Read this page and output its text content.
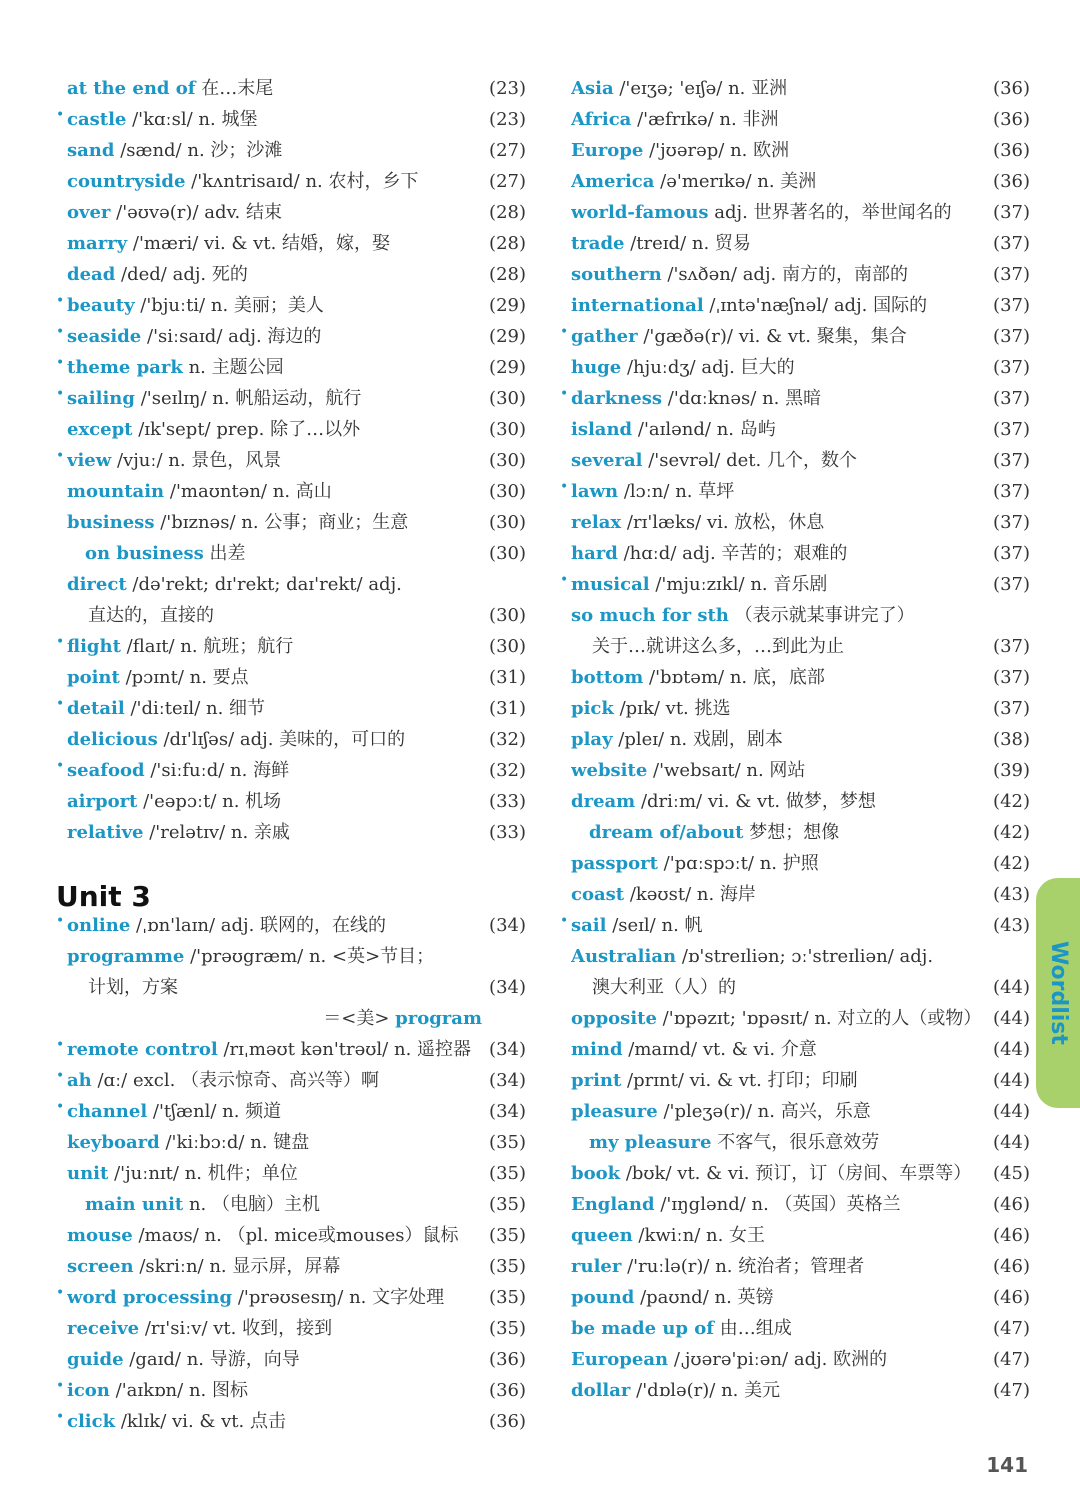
at the end of 在…末尾	(23)
• castle /'kɑːsl/ n. 城堡	(23)
sand /sænd/ n. 沙；沙滩	(27)
countryside /'kʌntrisaɪd/ n. 农村，乡下	(27)
over /'əʊvə(r)/ adv. 结束	(28)
marry /'mæri/ vi. & vt. 结婚，嫁，娶	(28)
dead /ded/ adj. 死的	(28)
• beauty /'bjuːti/ n. 美丽；美人	(29)
• seaside /'siːsaɪd/ adj. 海边的	(29)
• theme park n. 主题公园	(29)
• sailing /'seɪlɪŋ/ n. 帆船运动，航行	(30)
except /ɪk'sept/ prep. 除了…以外	(30)
• view /vjuː/ n. 景色，风景	(30)
mountain /'maʊntən/ n. 高山	(30)
business /'bɪznəs/ n. 公事；商业；生意	(30)
on business 出差	(30)
direct /də'rekt; dɪ'rekt; daɪ'rekt/ adj.
直达的，直接的	(30)
• flight /flaɪt/ n. 航班；航行	(30)
point /pɔɪnt/ n. 要点	(31)
• detail /'diːteɪl/ n. 细节	(31)
delicious /dɪ'lɪʃəs/ adj. 美味的，可口的	(32)
• seafood /'siːfuːd/ n. 海鲜	(32)
airport /'eəpɔːt/ n. 机场	(33)
relative /'relətɪv/ n. 亲戚	(33)
Unit 3
• online /ˌɒn'laɪn/ adj. 联网的，在线的	(34)
programme /'prəʊgræm/ n. <英>节目；
计划，方案	(34)
＝<美> program
• remote control /rɪˌməʊt kən'trəʊl/ n. 遥控器	(34)
• ah /ɑː/ excl. （表示惊奇、高兴等）啊	(34)
• channel /'tʃænl/ n. 频道	(34)
keyboard /'kiːbɔːd/ n. 键盘	(35)
unit /'juːnɪt/ n. 机件；单位	(35)
main unit n. （电脑）主机	(35)
mouse /maʊs/ n. （pl. mice或mouses）鼠标	(35)
screen /skriːn/ n. 显示屏，屏幕	(35)
• word processing /'prəʊsesɪŋ/ n. 文字处理	(35)
receive /rɪ'siːv/ vt. 收到，接到	(35)
guide /gaɪd/ n. 导游，向导	(36)
• icon /'aɪkɒn/ n. 图标	(36)
• click /klɪk/ vi. & vt. 点击	(36)
Asia /'eɪʒə; 'eɪʃə/ n. 亚洲	(36)
Africa /'æfrɪkə/ n. 非洲	(36)
Europe /'jʊərəp/ n. 欧洲	(36)
America /ə'merɪkə/ n. 美洲	(36)
world-famous adj. 世界著名的，举世闻名的	(37)
trade /treɪd/ n. 贸易	(37)
southern /'sʌðən/ adj. 南方的，南部的	(37)
international /ˌɪntə'næʃnəl/ adj. 国际的	(37)
• gather /'gæðə(r)/ vi. & vt. 聚集，集合	(37)
huge /hjuːdʒ/ adj. 巨大的	(37)
• darkness /'dɑːknəs/ n. 黑暗	(37)
island /'aɪlənd/ n. 岛屿	(37)
several /'sevrəl/ det. 几个，数个	(37)
• lawn /lɔːn/ n. 草坪	(37)
relax /rɪ'læks/ vi. 放松，休息	(37)
hard /hɑːd/ adj. 辛苦的；艰难的	(37)
• musical /'mjuːzɪkl/ n. 音乐剧	(37)
so much for sth （表示就某事讲完了）
关于…就讲这么多，…到此为止	(37)
bottom /'bɒtəm/ n. 底，底部	(37)
pick /pɪk/ vt. 挑选	(37)
play /pleɪ/ n. 戏剧，剧本	(38)
website /'websaɪt/ n. 网站	(39)
dream /driːm/ vi. & vt. 做梦，梦想	(42)
dream of/about 梦想；想像	(42)
passport /'pɑːspɔːt/ n. 护照	(42)
coast /kəʊst/ n. 海岸	(43)
• sail /seɪl/ n. 帆	(43)
Australian /ɒ'streɪliən; ɔː'streɪliən/ adj.
澳大利亚（人）的	(44)
opposite /'ɒpəzɪt; 'ɒpəsɪt/ n. 对立的人（或物） (44)
mind /maɪnd/ vt. & vi. 介意	(44)
print /prɪnt/ vi. & vt. 打印；印刷	(44)
pleasure /'pleʒə(r)/ n. 高兴，乐意	(44)
my pleasure 不客气，很乐意效劳	(44)
book /bʊk/ vt. & vi. 预订，订（房间、车票等）	(45)
England /'ɪŋglənd/ n. （英国）英格兰	(46)
queen /kwiːn/ n. 女王	(46)
ruler /'ruːlə(r)/ n. 统治者；管理者	(46)
pound /paʊnd/ n. 英镑	(46)
be made up of 由…组成	(47)
European /ˌjʊərə'piːən/ adj. 欧洲的	(47)
dollar /'dɒlə(r)/ n. 美元	(47)
Wordlist
141
